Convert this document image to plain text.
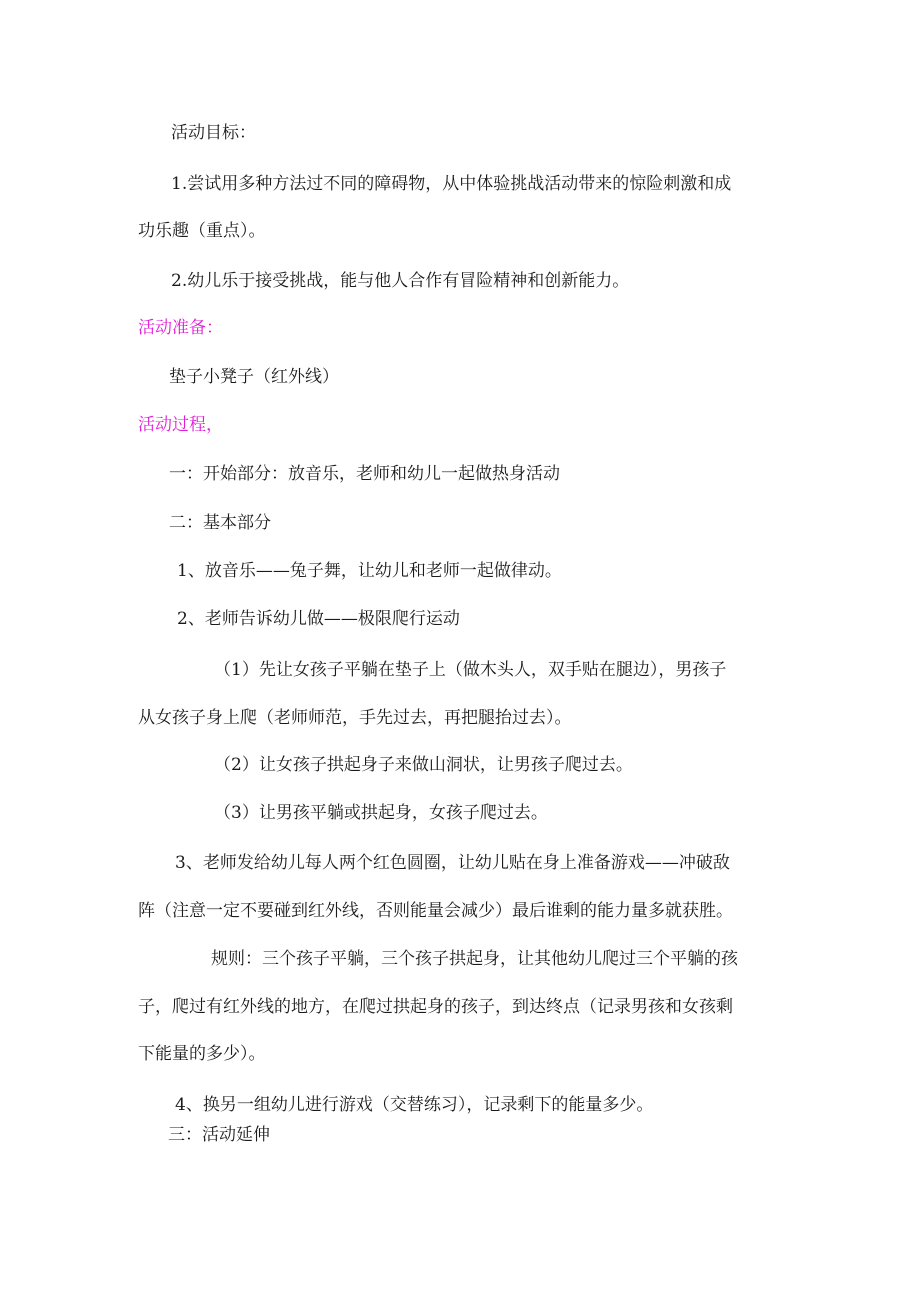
活动目标：
1.尝试用多种方法过不同的障碍物，从中体验挑战活动带来的惊险刺激和成
功乐趣（重点）。
2.幼儿乐于接受挑战，能与他人合作有冒险精神和创新能力。
活动准备：
垫子小凳子（红外线）
活动过程，
一：开始部分：放音乐，老师和幼儿一起做热身活动
二：基本部分
1、放音乐——兔子舞，让幼儿和老师一起做律动。
2、老师告诉幼儿做——极限爬行运动
（1）先让女孩子平躺在垫子上（做木头人，双手贴在腿边），男孩子
从女孩子身上爬（老师师范，手先过去，再把腿抬过去）。
（2）让女孩子拱起身子来做山洞状，让男孩子爬过去。
（3）让男孩平躺或拱起身，女孩子爬过去。
3、老师发给幼儿每人两个红色圆圈，让幼儿贴在身上准备游戏——冲破敌
阵（注意一定不要碰到红外线，否则能量会减少）最后谁剩的能力量多就获胜。
规则：三个孩子平躺，三个孩子拱起身，让其他幼儿爬过三个平躺的孩
子，爬过有红外线的地方，在爬过拱起身的孩子，到达终点（记录男孩和女孩剩
下能量的多少）。
4、换另一组幼儿进行游戏（交替练习），记录剩下的能量多少。
三：活动延伸
